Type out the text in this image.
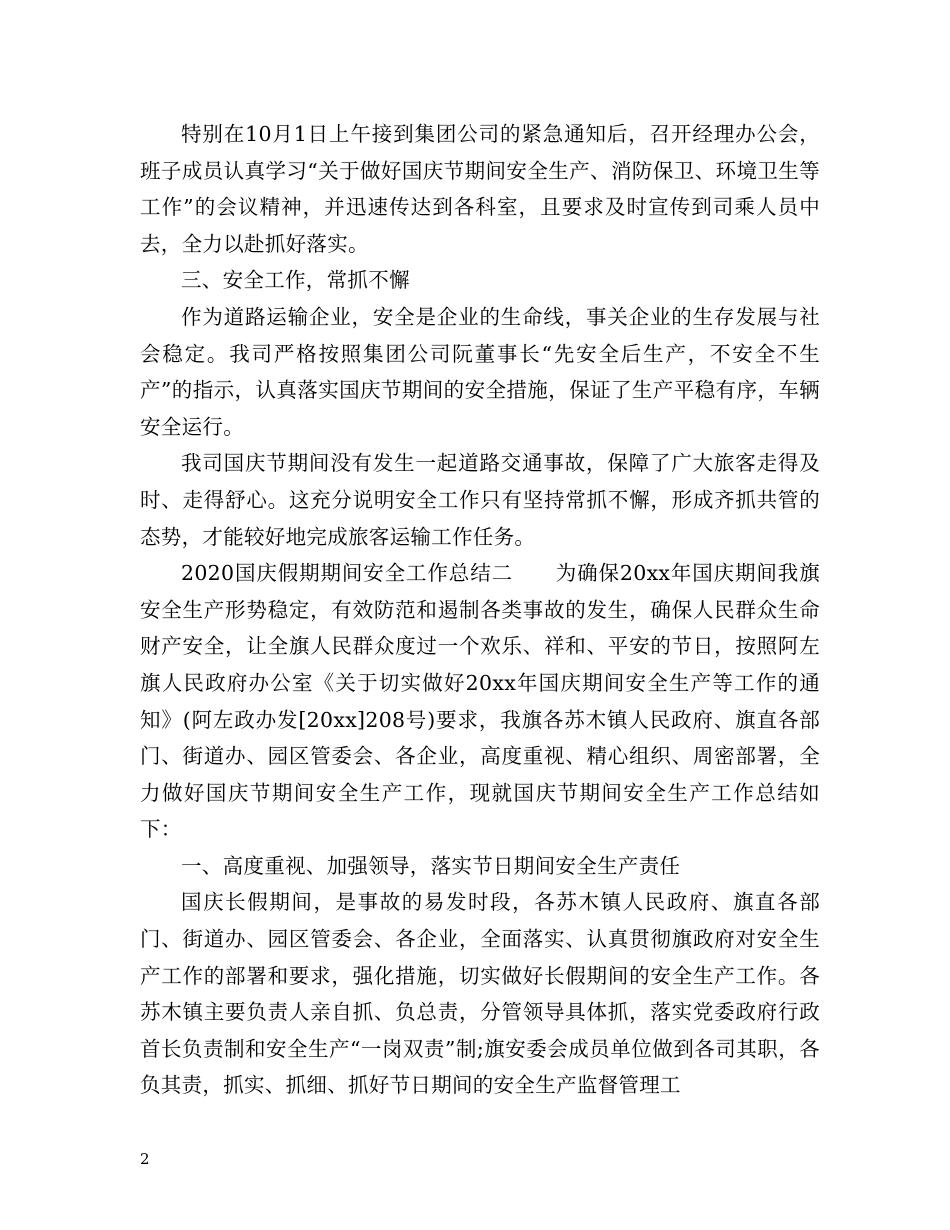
特别在10月1日上午接到集团公司的紧急通知后，召开经理办公会，班子成员认真学习“关于做好国庆节期间安全生产、消防保卫、环境卫生等工作”的会议精神，并迅速传达到各科室，且要求及时宣传到司乘人员中去，全力以赴抓好落实。

三、安全工作，常抓不懈

作为道路运输企业，安全是企业的生命线，事关企业的生存发展与社会稳定。我司严格按照集团公司阮董事长“先安全后生产，不安全不生产”的指示，认真落实国庆节期间的安全措施，保证了生产平稳有序，车辆安全运行。

我司国庆节期间没有发生一起道路交通事故，保障了广大旅客走得及时、走得舒心。这充分说明安全工作只有坚持常抓不懈，形成齐抓共管的态势，才能较好地完成旅客运输工作任务。

2020国庆假期期间安全工作总结二　　为确保20xx年国庆期间我旗安全生产形势稳定，有效防范和遏制各类事故的发生，确保人民群众生命财产安全，让全旗人民群众度过一个欢乐、祥和、平安的节日，按照阿左旗人民政府办公室《关于切实做好20xx年国庆期间安全生产等工作的通知》(阿左政办发[20xx]208号)要求，我旗各苏木镇人民政府、旗直各部门、街道办、园区管委会、各企业，高度重视、精心组织、周密部署，全力做好国庆节期间安全生产工作，现就国庆节期间安全生产工作总结如下：

一、高度重视、加强领导，落实节日期间安全生产责任

国庆长假期间，是事故的易发时段，各苏木镇人民政府、旗直各部门、街道办、园区管委会、各企业，全面落实、认真贯彻旗政府对安全生产工作的部署和要求，强化措施，切实做好长假期间的安全生产工作。各苏木镇主要负责人亲自抓、负总责，分管领导具体抓，落实党委政府行政首长负责制和安全生产“一岗双责”制;旗安委会成员单位做到各司其职，各负其责，抓实、抓细、抓好节日期间的安全生产监督管理工

2
